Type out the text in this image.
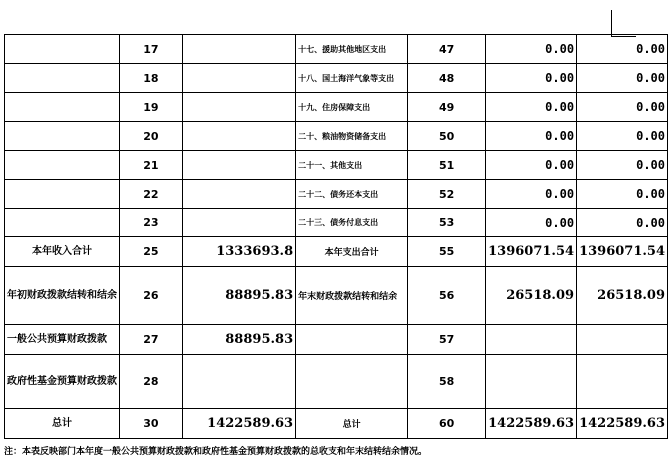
	17		十七、援助其他地区支出	47	0.00	0.00
	18		十八、国土海洋气象等支出	48	0.00	0.00
	19		十九、住房保障支出	49	0.00	0.00
	20		二十、粮油物资储备支出	50	0.00	0.00
	21		二十一、其他支出	51	0.00	0.00
	22		二十二、债务还本支出	52	0.00	0.00
	23		二十三、债务付息支出	53	0.00	0.00
本年收入合计	25	1333693.8	本年支出合计	55	1396071.54	1396071.54
年初财政拨款结转和结余	26	88895.83	年末财政拨款结转和结余	56	26518.09	26518.09
一般公共预算财政拨款	27	88895.83		57		
政府性基金预算财政拨款	28			58		
总计	30	1422589.63	总计	60	1422589.63	1422589.63
注：本表反映部门本年度一般公共预算财政拨款和政府性基金预算财政拨款的总收支和年末结转结余情况。
